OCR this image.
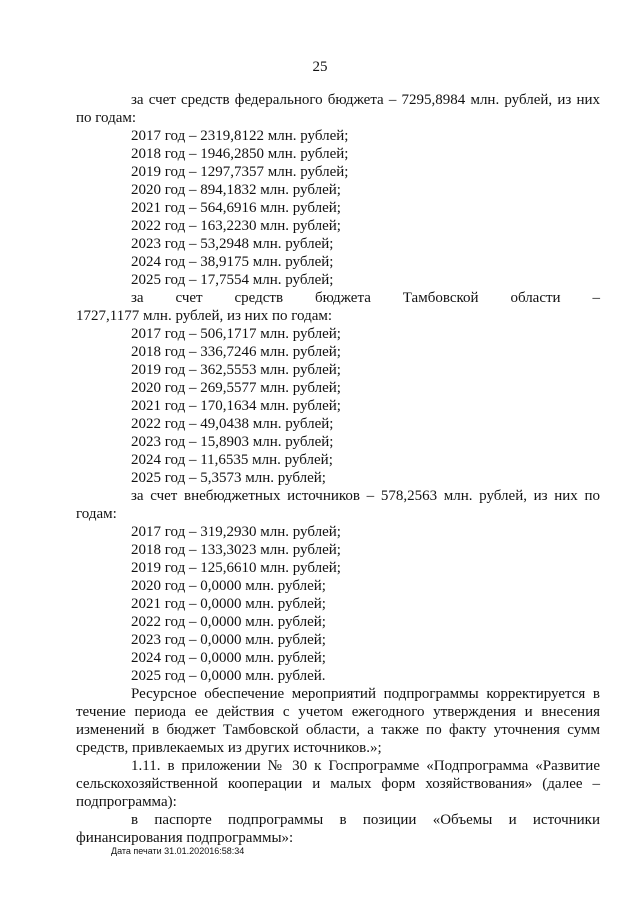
25
за счет средств федерального бюджета – 7295,8984 млн. рублей, из них
по годам:
2017 год – 2319,8122 млн. рублей;
2018 год – 1946,2850 млн. рублей;
2019 год – 1297,7357 млн. рублей;
2020 год – 894,1832 млн. рублей;
2021 год – 564,6916 млн. рублей;
2022 год – 163,2230 млн. рублей;
2023 год – 53,2948 млн. рублей;
2024 год – 38,9175 млн. рублей;
2025 год – 17,7554 млн. рублей;
за счет средств бюджета Тамбовской области –
1727,1177 млн. рублей, из них по годам:
2017 год – 506,1717 млн. рублей;
2018 год – 336,7246 млн. рублей;
2019 год – 362,5553 млн. рублей;
2020 год – 269,5577 млн. рублей;
2021 год – 170,1634 млн. рублей;
2022 год – 49,0438 млн. рублей;
2023 год – 15,8903 млн. рублей;
2024 год – 11,6535 млн. рублей;
2025 год – 5,3573 млн. рублей;
за счет внебюджетных источников – 578,2563 млн. рублей, из них по
годам:
2017 год – 319,2930 млн. рублей;
2018 год – 133,3023 млн. рублей;
2019 год – 125,6610 млн. рублей;
2020 год – 0,0000 млн. рублей;
2021 год – 0,0000 млн. рублей;
2022 год – 0,0000 млн. рублей;
2023 год – 0,0000 млн. рублей;
2024 год – 0,0000 млн. рублей;
2025 год – 0,0000 млн. рублей.
Ресурсное обеспечение мероприятий подпрограммы корректируется в
течение периода ее действия с учетом ежегодного утверждения и внесения
изменений в бюджет Тамбовской области, а также по факту уточнения сумм
средств, привлекаемых из других источников.»;
1.11. в приложении № 30 к Госпрограмме «Подпрограмма «Развитие
сельскохозяйственной кооперации и малых форм хозяйствования» (далее –
подпрограмма):
в паспорте подпрограммы в позиции «Объемы и источники
финансирования подпрограммы»:
Дата печати 31.01.202016:58:34
